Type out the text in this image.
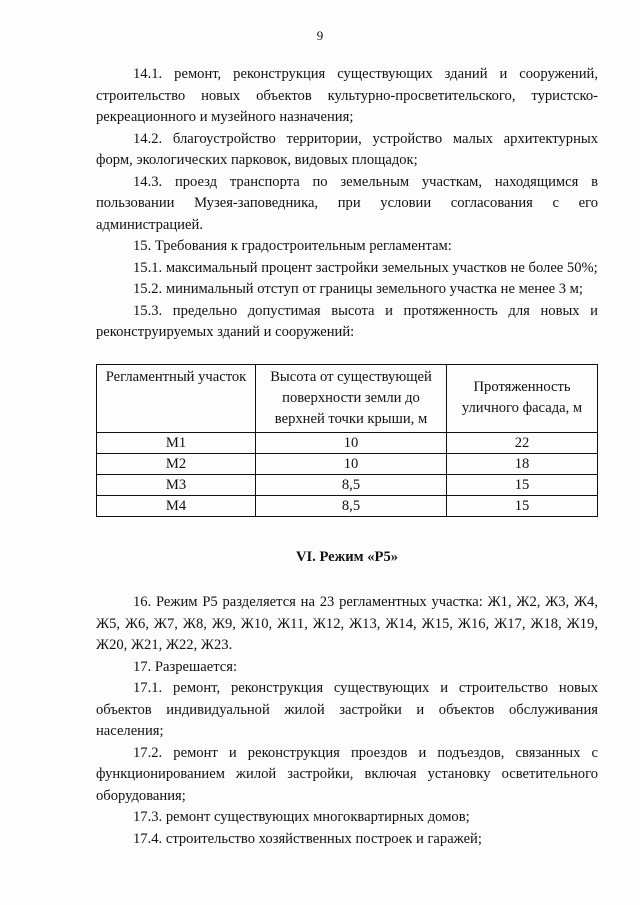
9

14.1. ремонт, реконструкция существующих зданий и сооружений, строительство новых объектов культурно-просветительского, туристско-рекреационного и музейного назначения;

14.2. благоустройство территории, устройство малых архитектурных форм, экологических парковок, видовых площадок;

14.3. проезд транспорта по земельным участкам, находящимся в пользовании Музея-заповедника, при условии согласования с его администрацией.

15. Требования к градостроительным регламентам:

15.1. максимальный процент застройки земельных участков не более 50%;

15.2. минимальный отступ от границы земельного участка не менее 3 м;

15.3. предельно допустимая высота и протяженность для новых и реконструируемых зданий и сооружений:

Регламентный участок	Высота от существующей поверхности земли до верхней точки крыши, м	Протяженность уличного фасада, м
М1	10	22
М2	10	18
М3	8,5	15
М4	8,5	15
VI. Режим «Р5»

16. Режим Р5 разделяется на 23 регламентных участка: Ж1, Ж2, Ж3, Ж4, Ж5, Ж6, Ж7, Ж8, Ж9, Ж10, Ж11, Ж12, Ж13, Ж14, Ж15, Ж16, Ж17, Ж18, Ж19, Ж20, Ж21, Ж22, Ж23.

17. Разрешается:

17.1. ремонт, реконструкция существующих и строительство новых объектов индивидуальной жилой застройки и объектов обслуживания населения;

17.2. ремонт и реконструкция проездов и подъездов, связанных с функционированием жилой застройки, включая установку осветительного оборудования;

17.3. ремонт существующих многоквартирных домов;

17.4. строительство хозяйственных построек и гаражей;
